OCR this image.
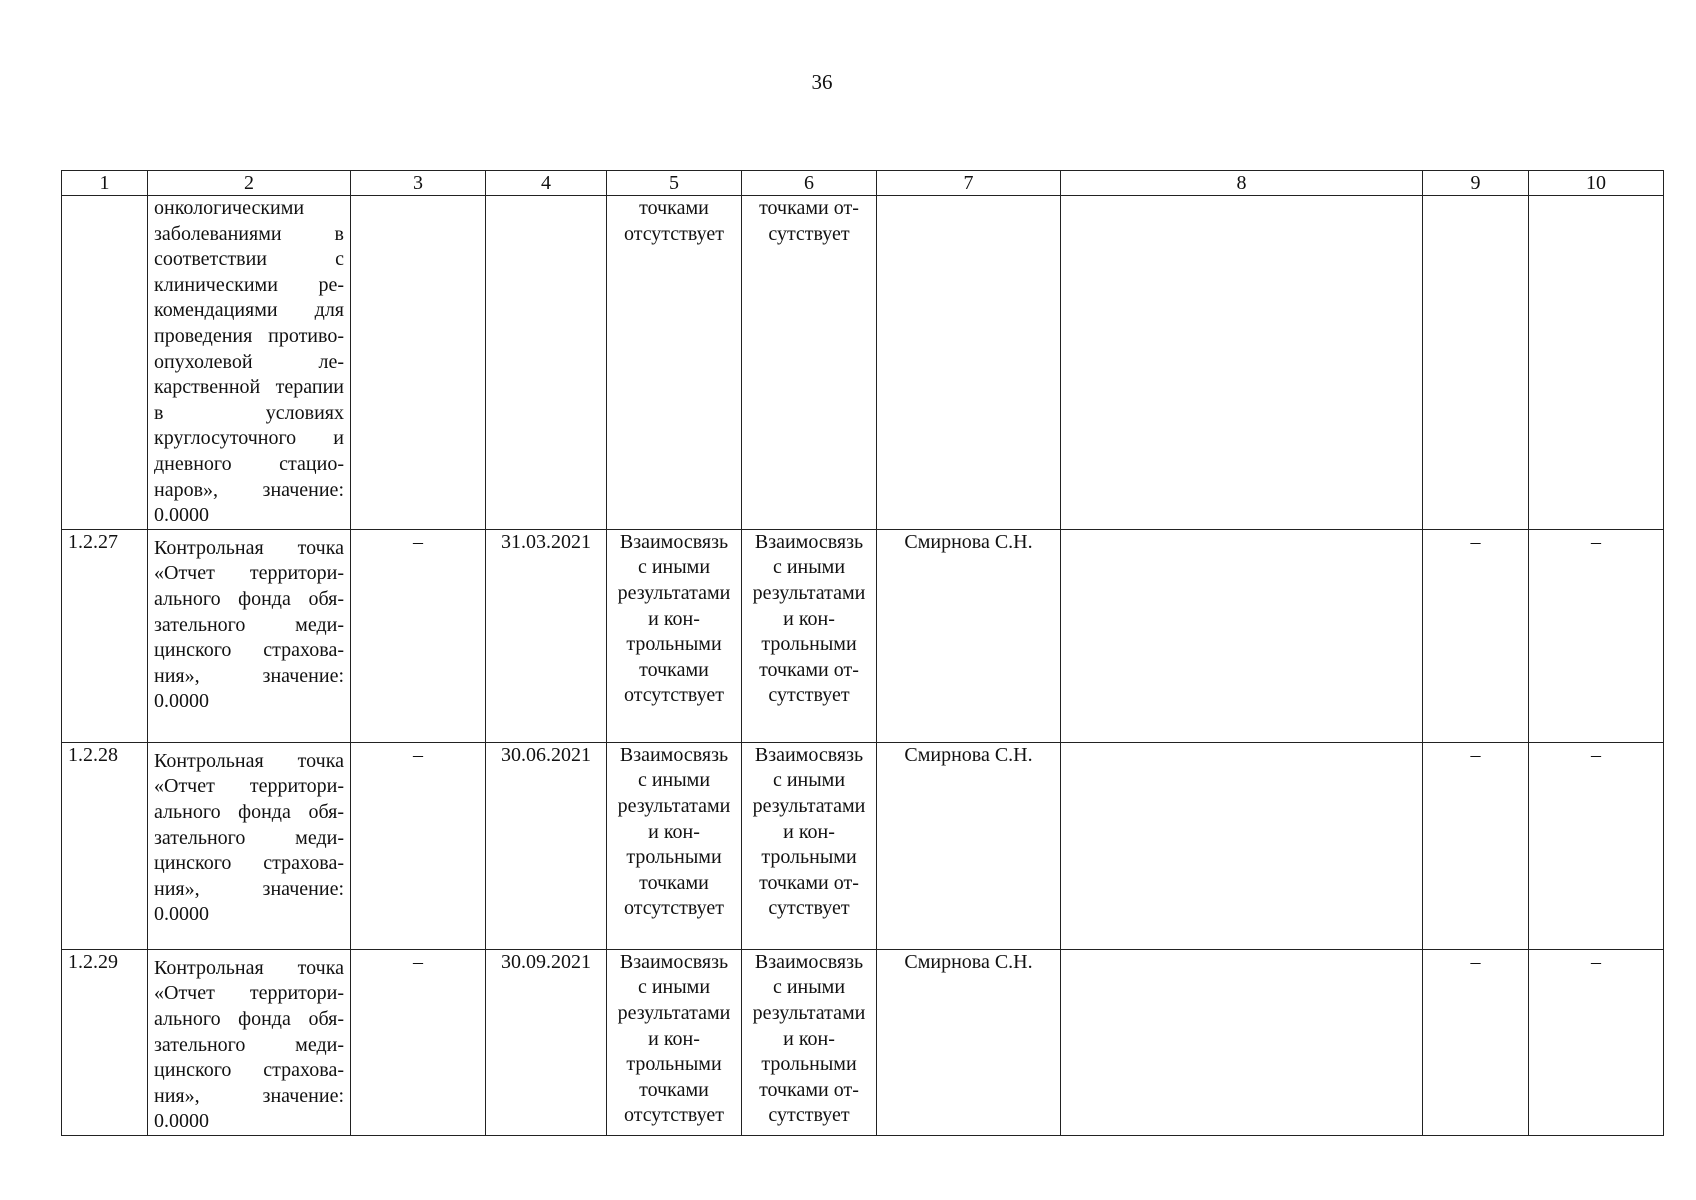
36
1	2	3	4	5	6	7	8	9	10
	онкологическими заболеваниями в соответствии с клиническими рекомендациями для проведения противоопухолевой лекарственной терапии в условиях круглосуточного и дневного стационаров», значение: 0.0000			точками отсутствует	точками отсутствует				
1.2.27	Контрольная точка «Отчет территориального фонда обязательного медицинского страхования», значение: 0.0000	–	31.03.2021	Взаимосвязь с иными результатами и контрольными точками отсутствует	Взаимосвязь с иными результатами и контрольными точками отсутствует	Смирнова С.Н.		–	–
1.2.28	Контрольная точка «Отчет территориального фонда обязательного медицинского страхования», значение: 0.0000	–	30.06.2021	Взаимосвязь с иными результатами и контрольными точками отсутствует	Взаимосвязь с иными результатами и контрольными точками отсутствует	Смирнова С.Н.		–	–
1.2.29	Контрольная точка «Отчет территориального фонда обязательного медицинского страхования», значение: 0.0000	–	30.09.2021	Взаимосвязь с иными результатами и контрольными точками отсутствует	Взаимосвязь с иными результатами и контрольными точками отсутствует	Смирнова С.Н.		–	–
